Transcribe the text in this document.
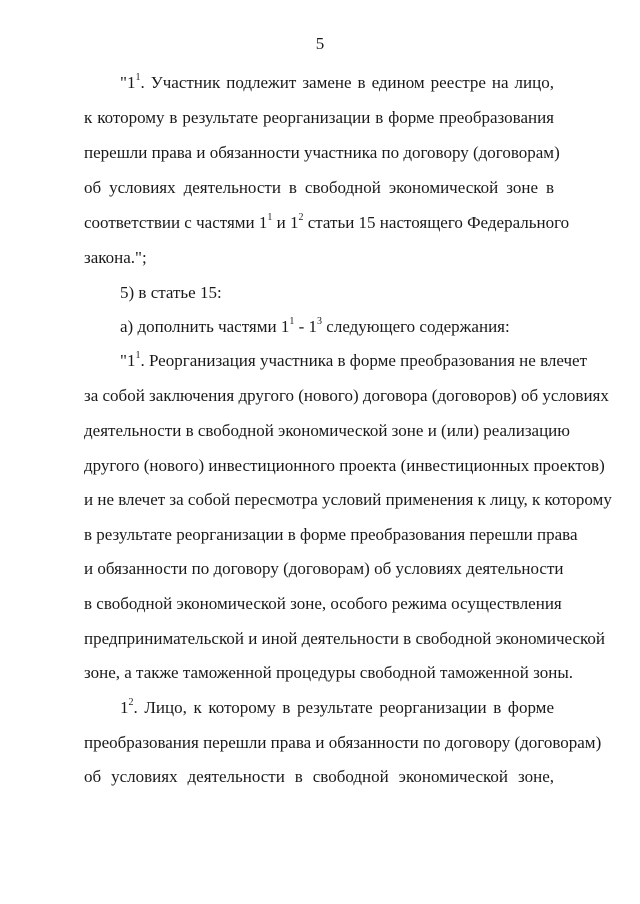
5
"$1^1$. Участник подлежит замене в едином реестре на лицо,
к которому в результате реорганизации в форме преобразования
перешли права и обязанности участника по договору (договорам)
об условиях деятельности в свободной экономической зоне в
соответствии с частями $1^1$ и $1^2$ статьи 15 настоящего Федерального
закона.";
5) в статье 15:
а) дополнить частями $1^1 - 1^3$ следующего содержания:
"$1^1$. Реорганизация участника в форме преобразования не влечет
за собой заключения другого (нового) договора (договоров) об условиях
деятельности в свободной экономической зоне и (или) реализацию
другого (нового) инвестиционного проекта (инвестиционных проектов)
и не влечет за собой пересмотра условий применения к лицу, к которому
в результате реорганизации в форме преобразования перешли права
и обязанности по договору (договорам) об условиях деятельности
в свободной экономической зоне, особого режима осуществления
предпринимательской и иной деятельности в свободной экономической
зоне, а также таможенной процедуры свободной таможенной зоны.
$1^2$. Лицо, к которому в результате реорганизации в форме
преобразования перешли права и обязанности по договору (договорам)
об условиях деятельности в свободной экономической зоне,
